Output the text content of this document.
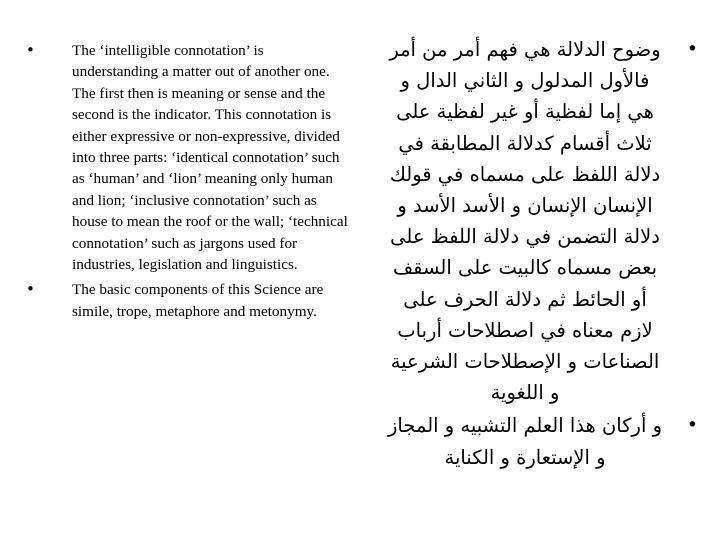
•	The ‘intelligible connotation’ is understanding a matter out of another one. The first then is meaning or sense and the second is the indicator. This connotation is either expressive or non-expressive, divided into three parts: ‘identical connotation’ such as ‘human’ and ‘lion’ meaning only human and lion; ‘inclusive connotation’ such as house to mean the roof or the wall; ‘technical connotation’ such as jargons used for industries, legislation and linguistics.
•	The basic components of this Science are simile, trope, metaphore and metonymy.
•
وضوح الدلالة هي فهم أمر من أمر فالأول المدلول و الثاني الدال و هي إما لفظية أو غير لفظية على ثلاث أقسام كدلالة المطابقة في دلالة اللفظ على مسماه في قولك الإنسان الإنسان و الأسد الأسد و دلالة التضمن في دلالة اللفظ على بعض مسماه كالبيت على السقف أو الحائط ثم دلالة الحرف على لازم معناه في اصطلاحات أرباب الصناعات و الإصطلاحات الشرعية و اللغوية
•
و أركان هذا العلم التشبيه و المجاز و الإستعارة و الكناية
